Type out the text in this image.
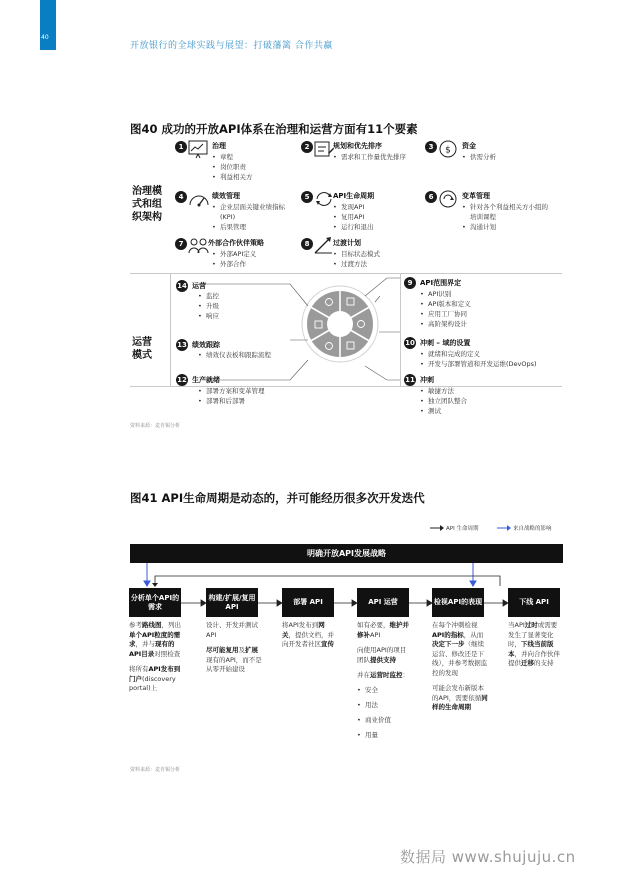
40
开放银行的全球实践与展望：打破藩篱 合作共赢
图40 成功的开放API体系在治理和运营方面有11个要素
治理模式和组织架构
运营模式
1	治理
• 章程
• 岗位职责
• 利益相关方
2	规划和优先排序
• 需求和工作量优先排序
3	$ 资金
• 供需分析
4	绩效管理
• 企业层面关键业绩指标(KPI)
• 后果管理
5	API生命周期
• 发现API
• 复用API
• 运行和退出
6	变革管理
• 针对各个利益相关方小组的培训课程
• 沟通计划
7	外部合作伙伴策略
• 外部API定义
• 外部合作
8	过渡计划
• 目标状态模式
• 过渡方法
14 运营
• 监控
• 升级
• 响应
13 绩效跟踪
• 绩效仪表板和跟踪流程
12 生产就绪
• 部署方案和变革管理
• 部署和后部署
9	API范围界定
• API识别
• API版本和定义
• 应用工厂协同
• 高阶架构设计
10 冲刺 – 域的设置
• 就绪和完成的定义
• 开发与部署管道和开发运维(DevOps)
11 冲刺
• 敏捷方法
• 独立团队整合
• 测试
资料来源：麦肯锡分析
图41 API生命周期是动态的，并可能经历很多次开发迭代
API 生命周期	来自战略的影响
明确开放API发展战略
分析单个API的需求
构建/扩展/复用 API
部署 API	API 运营	检视API的表现	下线 API
参考路线图，列出单个API粒度的需求，并与现有的API目录对照检查
将所有API发布到门户(discovery portal)上
设计、开发并测试API
尽可能复用及扩展现有的API，而不是从零开始建设
将API发布到网关，提供文档，并向开发者社区宣传
如有必要，维护并修补API
向使用API的项目团队提供支持
并在运营时监控：
• 安全
• 用法
• 商业价值
• 用量
在每个冲刺检视API的指标，从而决定下一步（继续运营、修改还是下线），并参考数据监控的发现
可能会发布新版本的API，需要依循同样的生命周期
当API过时或需要发生了显著变化时，下线当前版本，并向合作伙伴提供迁移的支持
资料来源：麦肯锡分析
数据局 www.shujuju.cn
